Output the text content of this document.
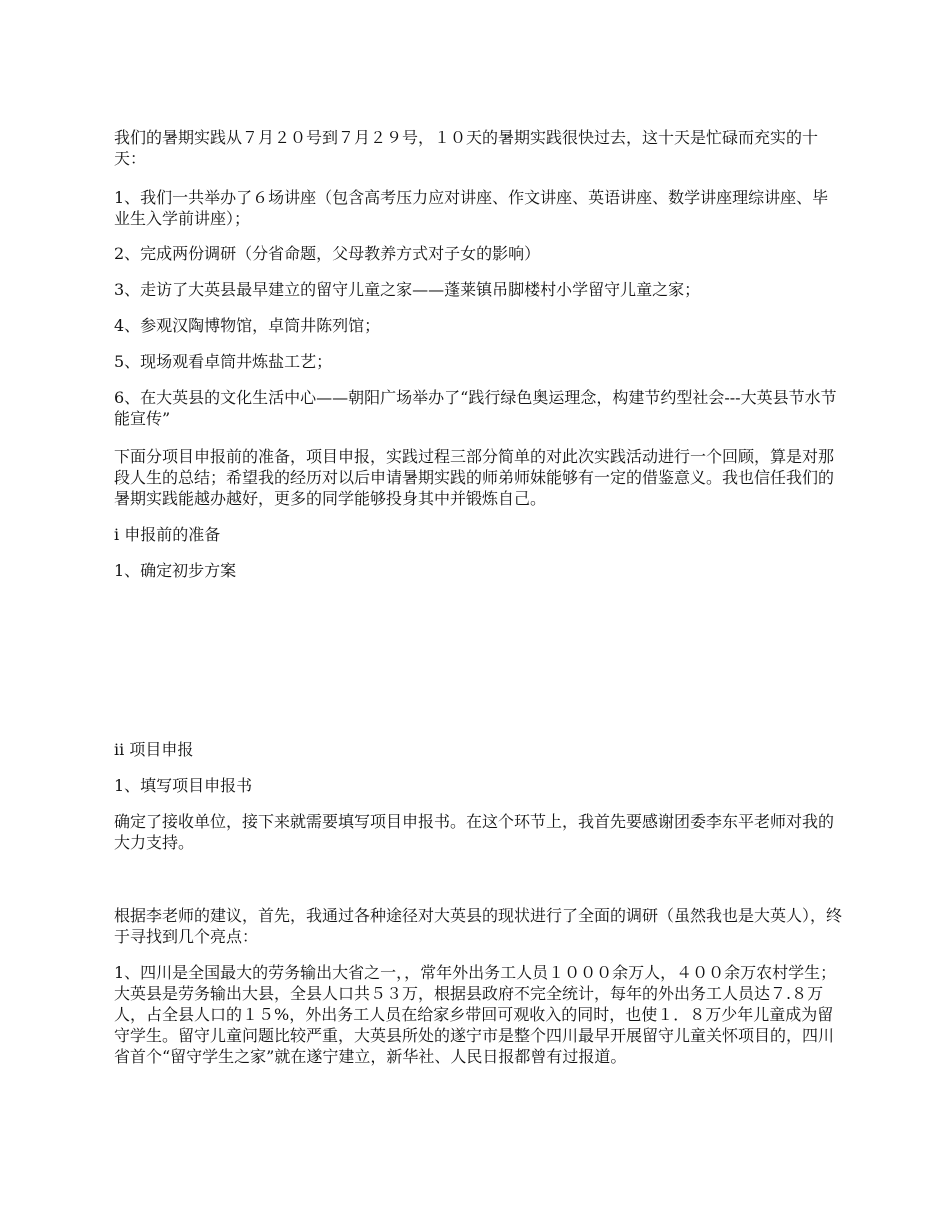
我们的暑期实践从７月２０号到７月２９号，１０天的暑期实践很快过去，这十天是忙碌而充实的十天：

1、我们一共举办了６场讲座（包含高考压力应对讲座、作文讲座、英语讲座、数学讲座理综讲座、毕业生入学前讲座）；

2、完成两份调研（分省命题，父母教养方式对子女的影响）

3、走访了大英县最早建立的留守儿童之家——蓬莱镇吊脚楼村小学留守儿童之家；

4、参观汉陶博物馆，卓筒井陈列馆；

5、现场观看卓筒井炼盐工艺；

6、在大英县的文化生活中心——朝阳广场举办了“践行绿色奥运理念，构建节约型社会---大英县节水节能宣传”

下面分项目申报前的准备，项目申报，实践过程三部分简单的对此次实践活动进行一个回顾，算是对那段人生的总结；希望我的经历对以后申请暑期实践的师弟师妹能够有一定的借鉴意义。我也信任我们的暑期实践能越办越好，更多的同学能够投身其中并锻炼自己。

i 申报前的准备

1、确定初步方案

ii 项目申报

1、填写项目申报书

确定了接收单位，接下来就需要填写项目申报书。在这个环节上，我首先要感谢团委李东平老师对我的大力支持。

根据李老师的建议，首先，我通过各种途径对大英县的现状进行了全面的调研（虽然我也是大英人），终于寻找到几个亮点：

1、四川是全国最大的劳务输出大省之一，，常年外出务工人员１０００余万人，４００余万农村学生；大英县是劳务输出大县，全县人口共５３万，根据县政府不完全统计，每年的外出务工人员达７.８万人，占全县人口的１５%，外出务工人员在给家乡带回可观收入的同时，也使１．８万少年儿童成为留守学生。留守儿童问题比较严重，大英县所处的遂宁市是整个四川最早开展留守儿童关怀项目的，四川省首个“留守学生之家”就在遂宁建立，新华社、人民日报都曾有过报道。
